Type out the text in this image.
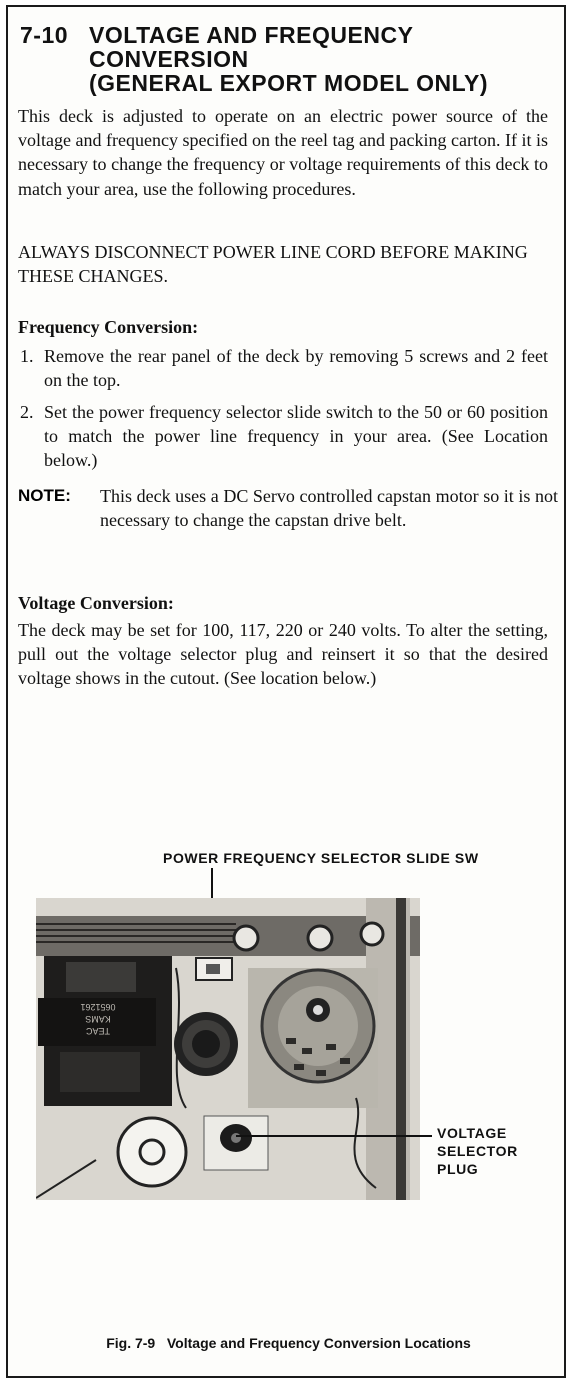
7-10 VOLTAGE AND FREQUENCY
CONVERSION
(GENERAL EXPORT MODEL ONLY)
This deck is adjusted to operate on an electric power source of the voltage and frequency specified on the reel tag and packing carton. If it is necessary to change the frequency or voltage requirements of this deck to match your area, use the following procedures.
ALWAYS DISCONNECT POWER LINE CORD BEFORE MAKING THESE CHANGES.
Frequency Conversion:
1. Remove the rear panel of the deck by removing 5 screws and 2 feet on the top.
2. Set the power frequency selector slide switch to the 50 or 60 position to match the power line frequency in your area. (See Location below.)
NOTE: This deck uses a DC Servo controlled capstan motor so it is not necessary to change the capstan drive belt.
Voltage Conversion:
The deck may be set for 100, 117, 220 or 240 volts. To alter the setting, pull out the voltage selector plug and reinsert it so that the desired voltage shows in the cutout. (See location below.)
POWER FREQUENCY SELECTOR SLIDE SW
TEAC
KAMS
0651261
VOLTAGE
SELECTOR
PLUG
Fig. 7-9   Voltage and Frequency Conversion Locations
